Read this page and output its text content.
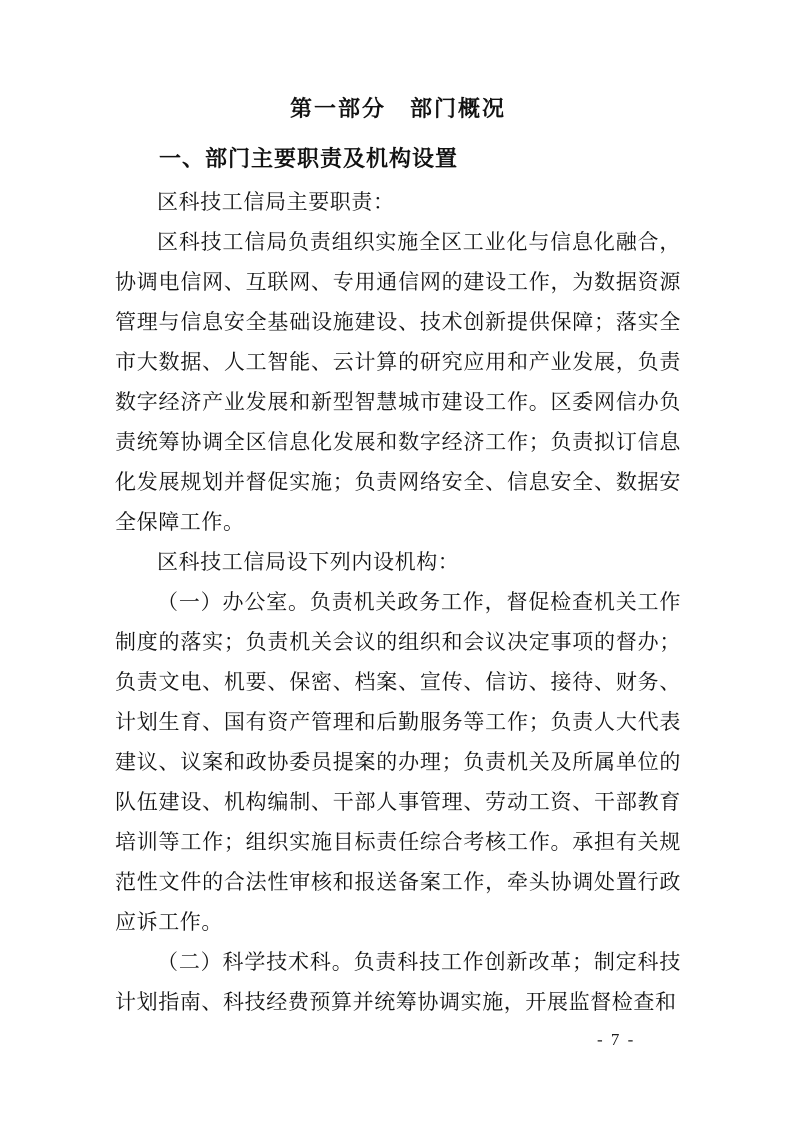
第一部分　部门概况
一、部门主要职责及机构设置

区科技工信局主要职责：

区科技工信局负责组织实施全区工业化与信息化融合，协调电信网、互联网、专用通信网的建设工作，为数据资源管理与信息安全基础设施建设、技术创新提供保障；落实全市大数据、人工智能、云计算的研究应用和产业发展，负责数字经济产业发展和新型智慧城市建设工作。区委网信办负责统筹协调全区信息化发展和数字经济工作；负责拟订信息化发展规划并督促实施；负责网络安全、信息安全、数据安全保障工作。

区科技工信局设下列内设机构：

（一）办公室。负责机关政务工作，督促检查机关工作制度的落实；负责机关会议的组织和会议决定事项的督办；负责文电、机要、保密、档案、宣传、信访、接待、财务、计划生育、国有资产管理和后勤服务等工作；负责人大代表建议、议案和政协委员提案的办理；负责机关及所属单位的队伍建设、机构编制、干部人事管理、劳动工资、干部教育培训等工作；组织实施目标责任综合考核工作。承担有关规范性文件的合法性审核和报送备案工作，牵头协调处置行政应诉工作。

（二）科学技术科。负责科技工作创新改革；制定科技计划指南、科技经费预算并统筹协调实施，开展监督检查和

- 7 -
